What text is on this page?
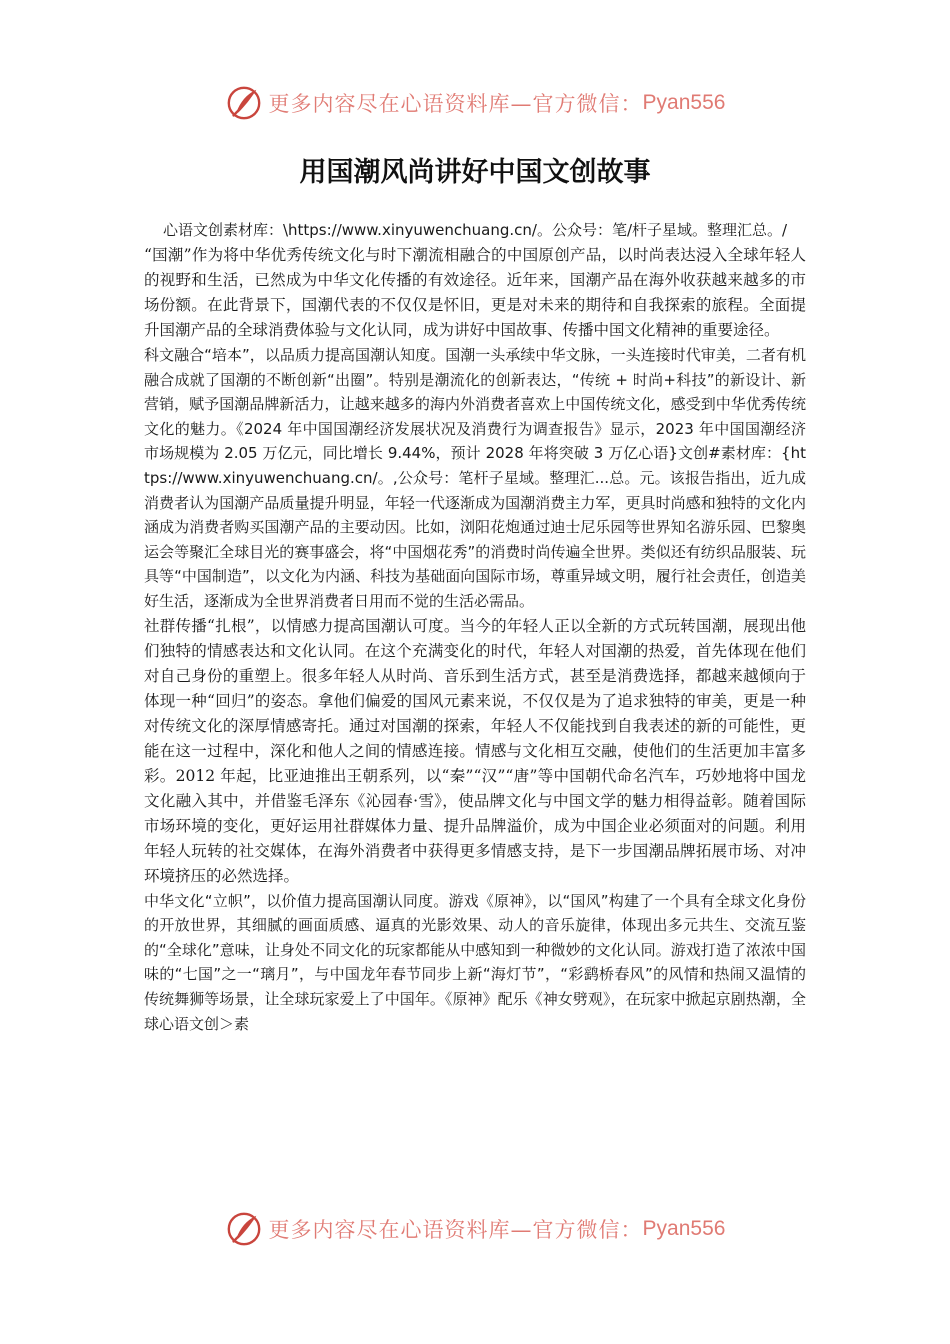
更多内容尽在心语资料库—官方微信： Pyan556
用国潮风尚讲好中国文创故事

心语文创素材库：\https://www.xinyuwenchuang.cn/。公众号：笔/杆子星域。整理汇总。/

“国潮”作为将中华优秀传统文化与时下潮流相融合的中国原创产品，以时尚表达浸入全球年轻人的视野和生活，已然成为中华文化传播的有效途径。近年来，国潮产品在海外收获越来越多的市场份额。在此背景下，国潮代表的不仅仅是怀旧，更是对未来的期待和自我探索的旅程。全面提升国潮产品的全球消费体验与文化认同，成为讲好中国故事、传播中国文化精神的重要途径。

科文融合“培本”，以品质力提高国潮认知度。国潮一头承续中华文脉，一头连接时代审美，二者有机融合成就了国潮的不断创新“出圈”。特别是潮流化的创新表达，“传统 + 时尚+科技”的新设计、新营销，赋予国潮品牌新活力，让越来越多的海内外消费者喜欢上中国传统文化，感受到中华优秀传统文化的魅力。《2024 年中国国潮经济发展状况及消费行为调查报告》显示，2023 年中国国潮经济市场规模为 2.05 万亿元，同比增长 9.44%，预计 2028 年将突破 3 万亿心语}文创#素材库：{https://www.xinyuwenchuang.cn/。,公众号：笔杆子星域。整理汇...总。元。该报告指出，近九成消费者认为国潮产品质量提升明显，年轻一代逐渐成为国潮消费主力军，更具时尚感和独特的文化内涵成为消费者购买国潮产品的主要动因。比如，浏阳花炮通过迪士尼乐园等世界知名游乐园、巴黎奥运会等聚汇全球目光的赛事盛会，将“中国烟花秀”的消费时尚传遍全世界。类似还有纺织品服装、玩具等“中国制造”，以文化为内涵、科技为基础面向国际市场，尊重异域文明，履行社会责任，创造美好生活，逐渐成为全世界消费者日用而不觉的生活必需品。

社群传播“扎根”，以情感力提高国潮认可度。当今的年轻人正以全新的方式玩转国潮，展现出他们独特的情感表达和文化认同。在这个充满变化的时代，年轻人对国潮的热爱，首先体现在他们对自己身份的重塑上。很多年轻人从时尚、音乐到生活方式，甚至是消费选择，都越来越倾向于体现一种“回归”的姿态。拿他们偏爱的国风元素来说，不仅仅是为了追求独特的审美，更是一种对传统文化的深厚情感寄托。通过对国潮的探索，年轻人不仅能找到自我表述的新的可能性，更能在这一过程中，深化和他人之间的情感连接。情感与文化相互交融，使他们的生活更加丰富多彩。2012 年起，比亚迪推出王朝系列，以“秦”“汉”“唐”等中国朝代命名汽车，巧妙地将中国龙文化融入其中，并借鉴毛泽东《沁园春·雪》，使品牌文化与中国文学的魅力相得益彰。随着国际市场环境的变化，更好运用社群媒体力量、提升品牌溢价，成为中国企业必须面对的问题。利用年轻人玩转的社交媒体，在海外消费者中获得更多情感支持，是下一步国潮品牌拓展市场、对冲环境挤压的必然选择。

中华文化“立帜”，以价值力提高国潮认同度。游戏《原神》，以“国风”构建了一个具有全球文化身份的开放世界，其细腻的画面质感、逼真的光影效果、动人的音乐旋律，体现出多元共生、交流互鉴的“全球化”意味，让身处不同文化的玩家都能从中感知到一种微妙的文化认同。游戏打造了浓浓中国味的“七国”之一“璃月”，与中国龙年春节同步上新“海灯节”，“彩鹞桥春风”的风情和热闹又温情的传统舞狮等场景，让全球玩家爱上了中国年。《原神》配乐《神女劈观》，在玩家中掀起京剧热潮，全球心语文创＞素

更多内容尽在心语资料库—官方微信： Pyan556
